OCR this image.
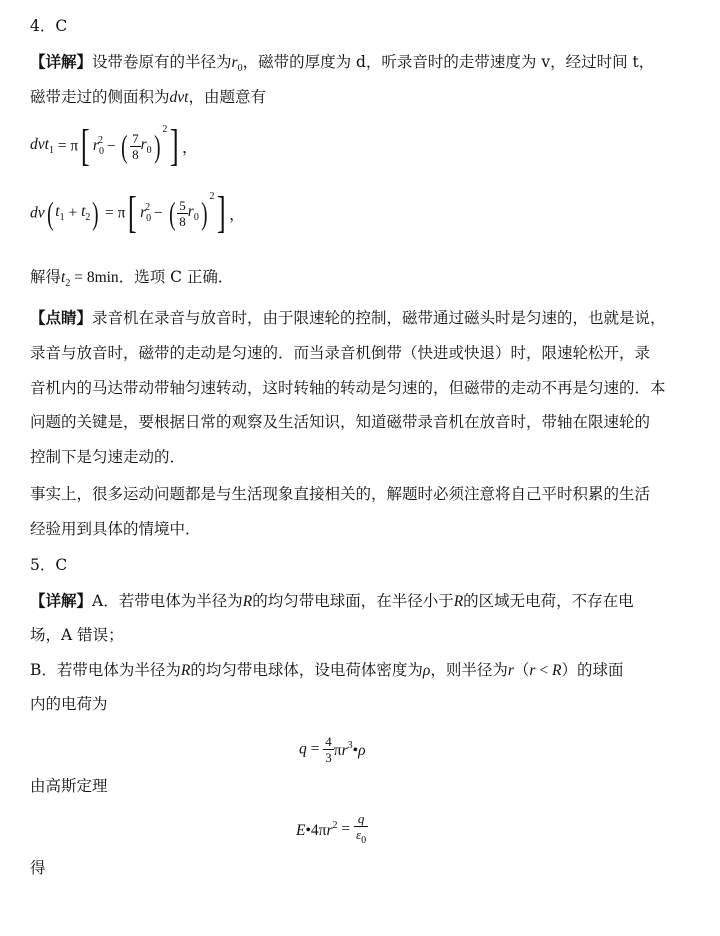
4．C
【详解】设带卷原有的半径为$r_0$，磁带的厚度为 d，听录音时的走带速度为 v，经过时间 t，
磁带走过的侧面积为dvt，由题意有
dvt$_1$ = π[ $r_0^2$ − ( $\frac{7}{8} r_0$) $^2$] ，
dv( $t_1 + t_2) = \pi$[ $r_0^2$ − ( $\frac{5}{8} r_0$) $^2$] ，
解得$t_2 = 8\min$．选项 C 正确．
【点睛】录音机在录音与放音时，由于限速轮的控制，磁带通过磁头时是匀速的，也就是说，
录音与放音时，磁带的走动是匀速的．而当录音机倒带（快进或快退）时，限速轮松开，录
音机内的马达带动带轴匀速转动，这时转轴的转动是匀速的，但磁带的走动不再是匀速的．本
问题的关键是，要根据日常的观察及生活知识，知道磁带录音机在放音时，带轴在限速轮的
控制下是匀速走动的．
事实上，很多运动问题都是与生活现象直接相关的，解题时必须注意将自己平时积累的生活
经验用到具体的情境中．
5．C
【详解】A．若带电体为半径为R的均匀带电球面，在半径小于R的区域无电荷，不存在电
场，A 错误；
B．若带电体为半径为R的均匀带电球体，设电荷体密度为ρ，则半径为r（r < R）的球面
内的电荷为
$q = \frac{4}{3}$ $\pi r^3•\rho$
由高斯定理
$E•4\pi r^2 = \frac{q}{\varepsilon_0}$
得
